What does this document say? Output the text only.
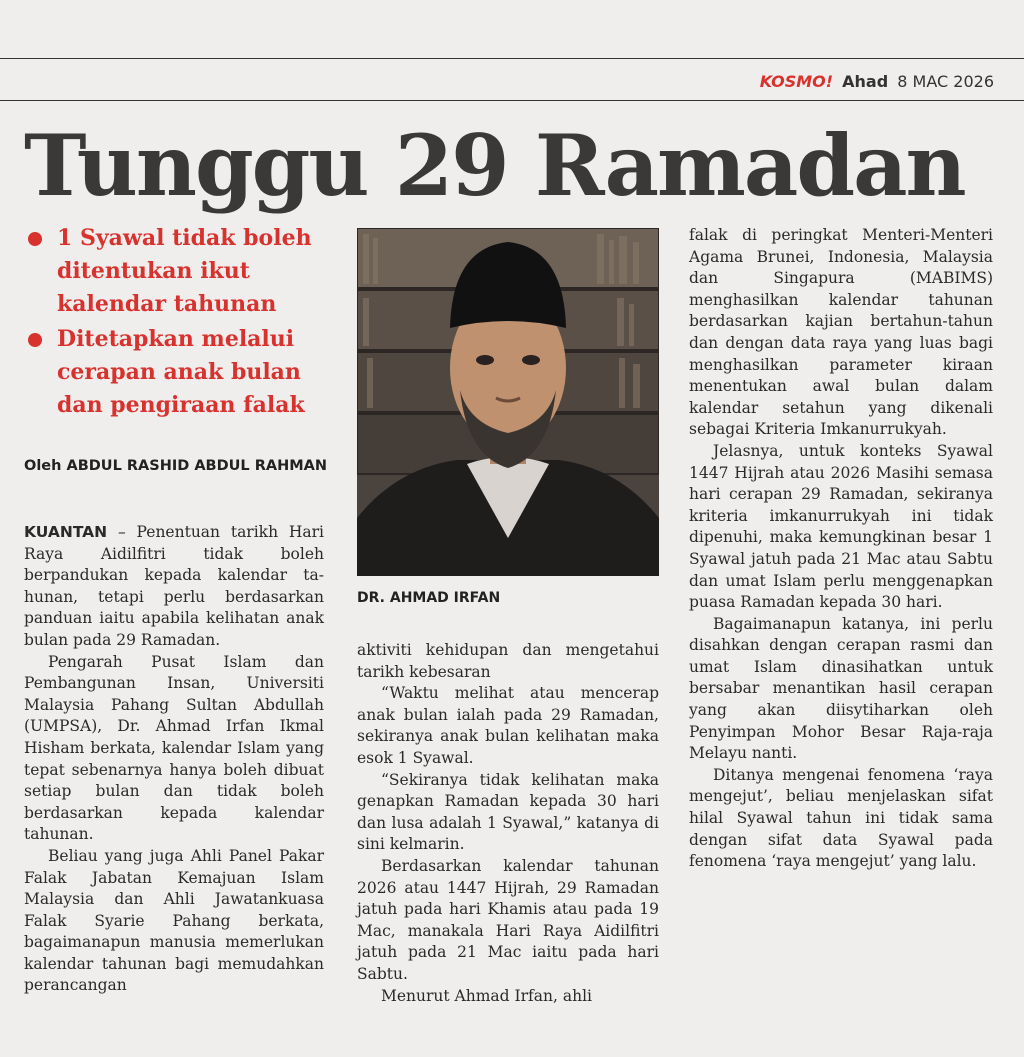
KOSMO! Ahad 8 MAC 2026
Tunggu 29 Ramadan
1 Syawal tidak boleh ditentukan ikut kalendar tahunan
Ditetapkan melalui cerapan anak bulan dan pengiraan falak
Oleh ABDUL RASHID ABDUL RAHMAN

KUANTAN – Penentuan tarikh Hari Raya Aidilfitri tidak boleh berpandukan kepada kalendar tahunan, tetapi perlu berdasarkan panduan iaitu apabila kelihatan anak bulan pada 29 Ramadan.

Pengarah Pusat Islam dan Pembangunan Insan, Universiti Malaysia Pahang Sultan Abdullah (UMPSA), Dr. Ahmad Irfan Ikmal Hisham berkata, kalendar Islam yang tepat sebenarnya hanya boleh dibuat setiap bulan dan tidak boleh berdasarkan kepada kalendar tahunan.

Beliau yang juga Ahli Panel Pakar Falak Jabatan Kemajuan Islam Malaysia dan Ahli Jawatankuasa Falak Syarie Pahang berkata, bagaimanapun manusia memerlukan kalendar tahunan bagi memudahkan perancangan

DR. AHMAD IRFAN

aktiviti kehidupan dan mengetahui tarikh kebesaran

“Waktu melihat atau mencerap anak bulan ialah pada 29 Ramadan, sekiranya anak bulan kelihatan maka esok 1 Syawal.

“Sekiranya tidak kelihatan maka genapkan Ramadan kepada 30 hari dan lusa adalah 1 Syawal,” katanya di sini kelmarin.

Berdasarkan kalendar tahunan 2026 atau 1447 Hijrah, 29 Ramadan jatuh pada hari Khamis atau pada 19 Mac, manakala Hari Raya Aidilfitri jatuh pada 21 Mac iaitu pada hari Sabtu.

Menurut Ahmad Irfan, ahli

falak di peringkat Menteri-Menteri Agama Brunei, Indonesia, Malaysia dan Singapura (MABIMS) menghasilkan kalendar tahunan berdasarkan kajian bertahun-tahun dan dengan data raya yang luas bagi menghasilkan parameter kiraan menentukan awal bulan dalam kalendar setahun yang dikenali sebagai Kriteria Imkanurrukyah.

Jelasnya, untuk konteks Syawal 1447 Hijrah atau 2026 Masihi semasa hari cerapan 29 Ramadan, sekiranya kriteria imkanurrukyah ini tidak dipenuhi, maka kemungkinan besar 1 Syawal jatuh pada 21 Mac atau Sabtu dan umat Islam perlu menggenapkan puasa Ramadan kepada 30 hari.

Bagaimanapun katanya, ini perlu disahkan dengan cerapan rasmi dan umat Islam dinasihatkan untuk bersabar menantikan hasil cerapan yang akan diisytiharkan oleh Penyimpan Mohor Besar Raja-raja Melayu nanti.

Ditanya mengenai fenomena ‘raya mengejut’, beliau menjelaskan sifat hilal Syawal tahun ini tidak sama dengan sifat data Syawal pada fenomena ‘raya mengejut’ yang lalu.
